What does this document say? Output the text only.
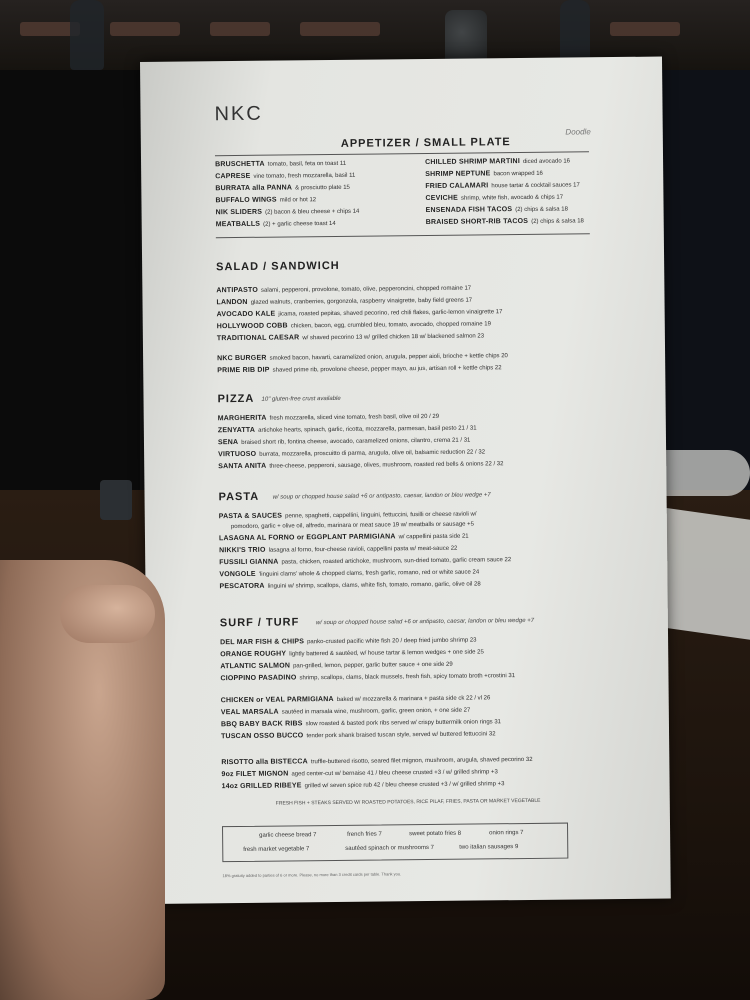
NKC
Doodle
APPETIZER / SMALL PLATE
BRUSCHETTA tomato, basil, feta on toast 11
CAPRESE vine tomato, fresh mozzarella, basil 11
BURRATA alla PANNA & prosciutto plate 15
BUFFALO WINGS mild or hot 12
NIK SLIDERS (2) bacon & bleu cheese + chips 14
MEATBALLS (2) + garlic cheese toast 14
CHILLED SHRIMP MARTINI diced avocado 16
SHRIMP NEPTUNE bacon wrapped 16
FRIED CALAMARI house tartar & cocktail sauces 17
CEVICHE shrimp, white fish, avocado & chips 17
ENSENADA FISH TACOS (2) chips & salsa 18
BRAISED SHORT-RIB TACOS (2) chips & salsa 18
SALAD / SANDWICH
ANTIPASTO salami, pepperoni, provolone, tomato, olive, pepperoncini, chopped romaine 17
LANDON glazed walnuts, cranberries, gorgonzola, raspberry vinaigrette, baby field greens 17
AVOCADO KALE jicama, roasted pepitas, shaved pecorino, red chili flakes, garlic-lemon vinaigrette 17
HOLLYWOOD COBB chicken, bacon, egg, crumbled bleu, tomato, avocado, chopped romaine 19
TRADITIONAL CAESAR w/ shaved pecorino 13 w/ grilled chicken 18 w/ blackened salmon 23
NKC BURGER smoked bacon, havarti, caramelized onion, arugula, pepper aioli, brioche + kettle chips 20
PRIME RIB DIP shaved prime rib, provolone cheese, pepper mayo, au jus, artisan roll + kettle chips 22
PIZZA 10" gluten-free crust available
MARGHERITA fresh mozzarella, sliced vine tomato, fresh basil, olive oil 20 / 29
ZENYATTA artichoke hearts, spinach, garlic, ricotta, mozzarella, parmesan, basil pesto 21 / 31
SENA braised short rib, fontina cheese, avocado, caramelized onions, cilantro, crema 21 / 31
VIRTUOSO burrata, mozzarella, proscuitto di parma, arugula, olive oil, balsamic reduction 22 / 32
SANTA ANITA three-cheese, pepperoni, sausage, olives, mushroom, roasted red bells & onions 22 / 32
PASTA w/ soup or chopped house salad +6 or antipasto, caesar, landon or bleu wedge +7
PASTA & SAUCES penne, spaghetti, cappellini, linguini, fettuccini, fusilli or cheese ravioli w/
pomodoro, garlic + olive oil, alfredo, marinara or meat sauce 19 w/ meatballs or sausage +5
LASAGNA AL FORNO or EGGPLANT PARMIGIANA w/ cappellini pasta side 21
NIKKI'S TRIO lasagna al forno, four-cheese ravioli, cappellini pasta w/ meat-sauce 22
FUSSILI GIANNA pasta, chicken, roasted artichoke, mushroom, sun-dried tomato, garlic cream sauce 22
VONGOLE 'linguini clams' whole & chopped clams, fresh garlic, romano, red or white sauce 24
PESCATORA linguini w/ shrimp, scallops, clams, white fish, tomato, romano, garlic, olive oil 28
SURF / TURF	w/ soup or chopped house salad +6 or antipasto, caesar, landon or bleu wedge +7
DEL MAR FISH & CHIPS panko-crusted pacific white fish 20 / deep fried jumbo shrimp 23
ORANGE ROUGHY lightly battered & sautéed, w/ house tartar & lemon wedges + one side 25
ATLANTIC SALMON pan-grilled, lemon, pepper, garlic butter sauce + one side 29
CIOPPINO PASADINO shrimp, scallops, clams, black mussels, fresh fish, spicy tomato broth +crostini 31
CHICKEN or VEAL PARMIGIANA baked w/ mozzarella & marinara + pasta side ck 22 / vl 26
VEAL MARSALA sautéed in marsala wine, mushroom, garlic, green onion, + one side 27
BBQ BABY BACK RIBS slow roasted & basted pork ribs served w/ crispy buttermilk onion rings 31
TUSCAN OSSO BUCCO tender pork shank braised tuscan style, served w/ buttered fettuccini 32
RISOTTO alla BISTECCA truffle-buttered risotto, seared filet mignon, mushroom, arugula, shaved pecorino 32
9oz FILET MIGNON aged center-cut w/ bernaise 41 / bleu cheese crusted +3 / w/ grilled shrimp +3
14oz GRILLED RIBEYE grilled w/ seven spice rub 42 / bleu cheese crusted +3 / w/ grilled shrimp +3
FRESH FISH + STEAKS SERVED W/ ROASTED POTATOES, RICE PILAF, FRIES, PASTA OR MARKET VEGETABLE
garlic cheese bread 7	french fries 7	sweet potato fries 8	onion rings 7
fresh market vegetable 7	sautéed spinach or mushrooms 7	two italian sausages 9
18% gratuity added to parties of 6 or more. Please, no more than 3 credit cards per table. Thank you.
